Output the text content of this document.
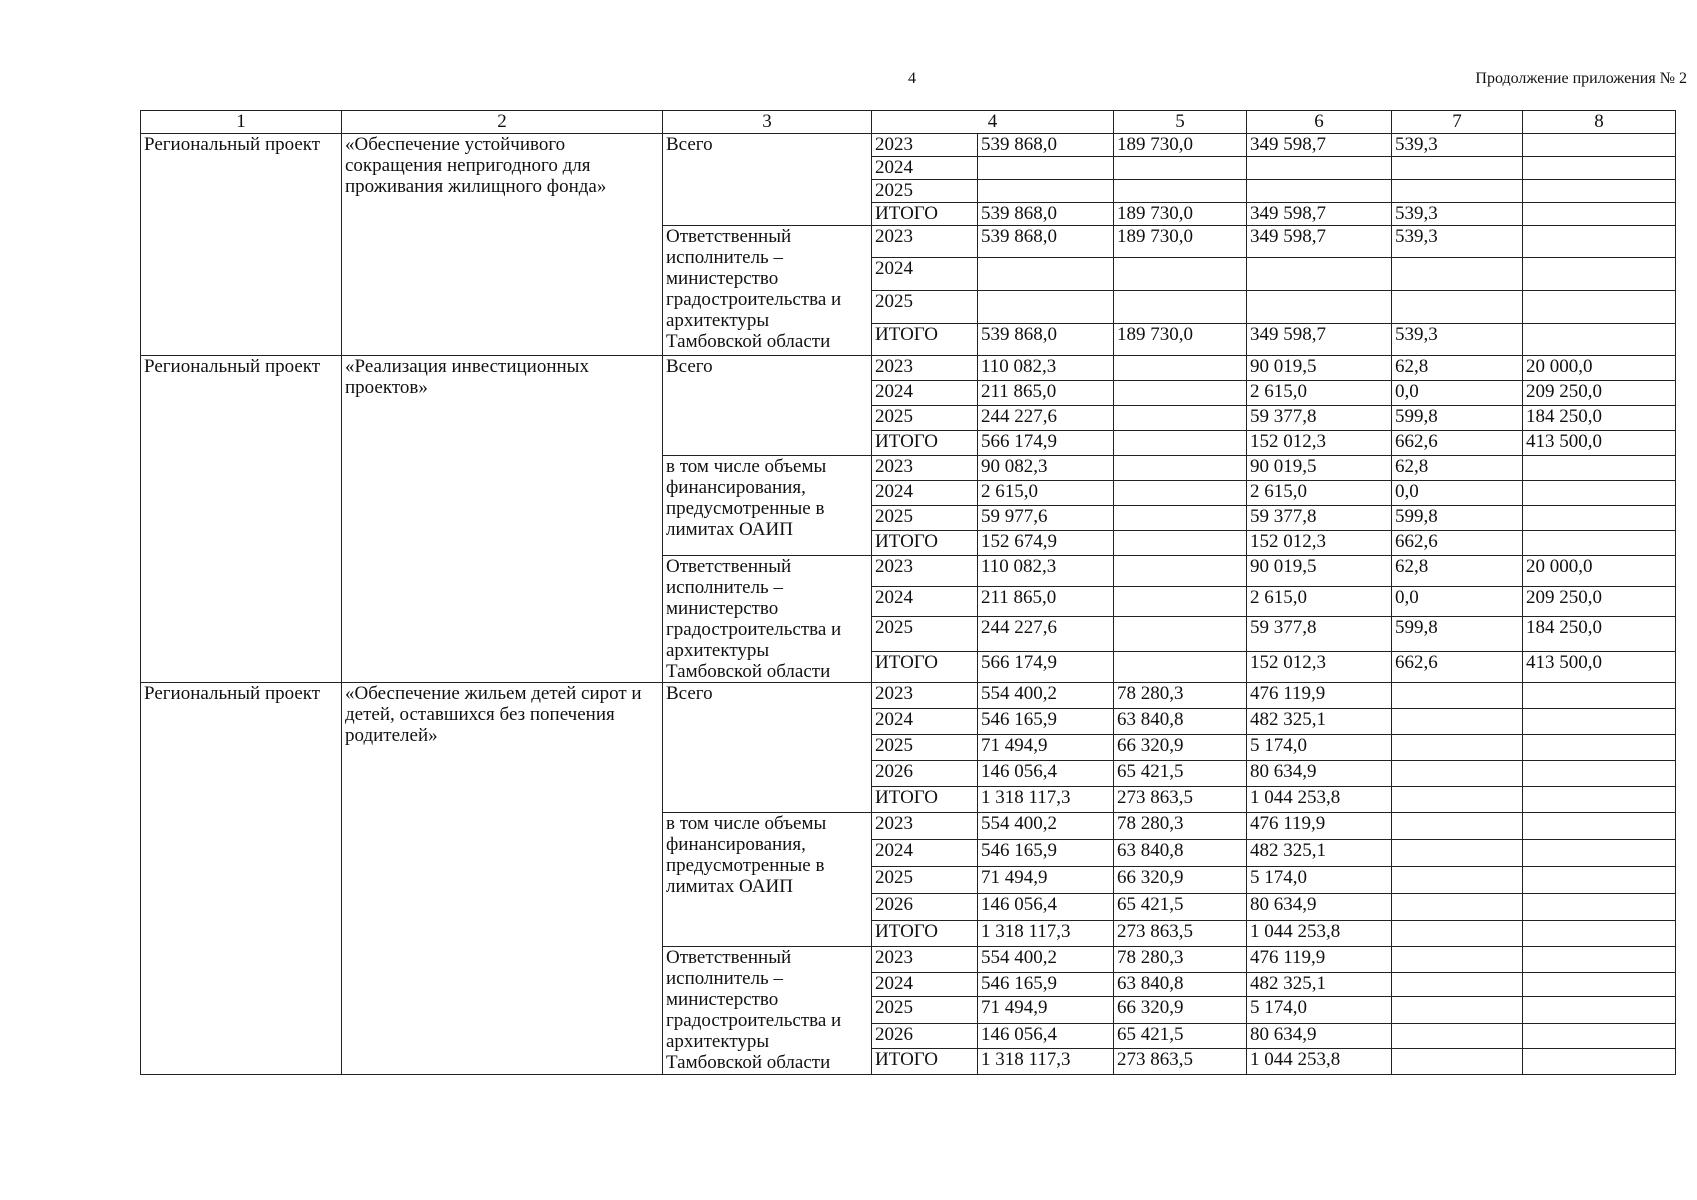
4	Продолжение приложения № 2
1	2	3	4		5	6	7	8
Региональный проект	«Обеспечение устойчивого сокращения непригодного для проживания жилищного фонда»	Всего	2023	539 868,0	189 730,0	349 598,7	539,3	
			2024					
			2025					
			ИТОГО	539 868,0	189 730,0	349 598,7	539,3	
		Ответственный исполнитель – министерство градостроительства и архитектуры Тамбовской области	2023	539 868,0	189 730,0	349 598,7	539,3	
			2024					
			2025					
			ИТОГО	539 868,0	189 730,0	349 598,7	539,3	
Региональный проект	«Реализация инвестиционных проектов»	Всего	2023	110 082,3		90 019,5	62,8	20 000,0
			2024	211 865,0		2 615,0	0,0	209 250,0
			2025	244 227,6		59 377,8	599,8	184 250,0
			ИТОГО	566 174,9		152 012,3	662,6	413 500,0
		в том числе объемы финансирования, предусмотренные в лимитах ОАИП	2023	90 082,3		90 019,5	62,8	
			2024	2 615,0		2 615,0	0,0	
			2025	59 977,6		59 377,8	599,8	
			ИТОГО	152 674,9		152 012,3	662,6	
		Ответственный исполнитель – министерство градостроительства и архитектуры Тамбовской области	2023	110 082,3		90 019,5	62,8	20 000,0
			2024	211 865,0		2 615,0	0,0	209 250,0
			2025	244 227,6		59 377,8	599,8	184 250,0
			ИТОГО	566 174,9		152 012,3	662,6	413 500,0
Региональный проект	«Обеспечение жильем детей сирот и детей, оставшихся без попечения родителей»	Всего	2023	554 400,2	78 280,3	476 119,9		
			2024	546 165,9	63 840,8	482 325,1		
			2025	71 494,9	66 320,9	5 174,0		
			2026	146 056,4	65 421,5	80 634,9		
			ИТОГО	1 318 117,3	273 863,5	1 044 253,8		
		в том числе объемы финансирования, предусмотренные в лимитах ОАИП	2023	554 400,2	78 280,3	476 119,9		
			2024	546 165,9	63 840,8	482 325,1		
			2025	71 494,9	66 320,9	5 174,0		
			2026	146 056,4	65 421,5	80 634,9		
			ИТОГО	1 318 117,3	273 863,5	1 044 253,8		
		Ответственный исполнитель – министерство градостроительства и архитектуры Тамбовской области	2023	554 400,2	78 280,3	476 119,9		
			2024	546 165,9	63 840,8	482 325,1		
			2025	71 494,9	66 320,9	5 174,0		
			2026	146 056,4	65 421,5	80 634,9		
			ИТОГО	1 318 117,3	273 863,5	1 044 253,8		
